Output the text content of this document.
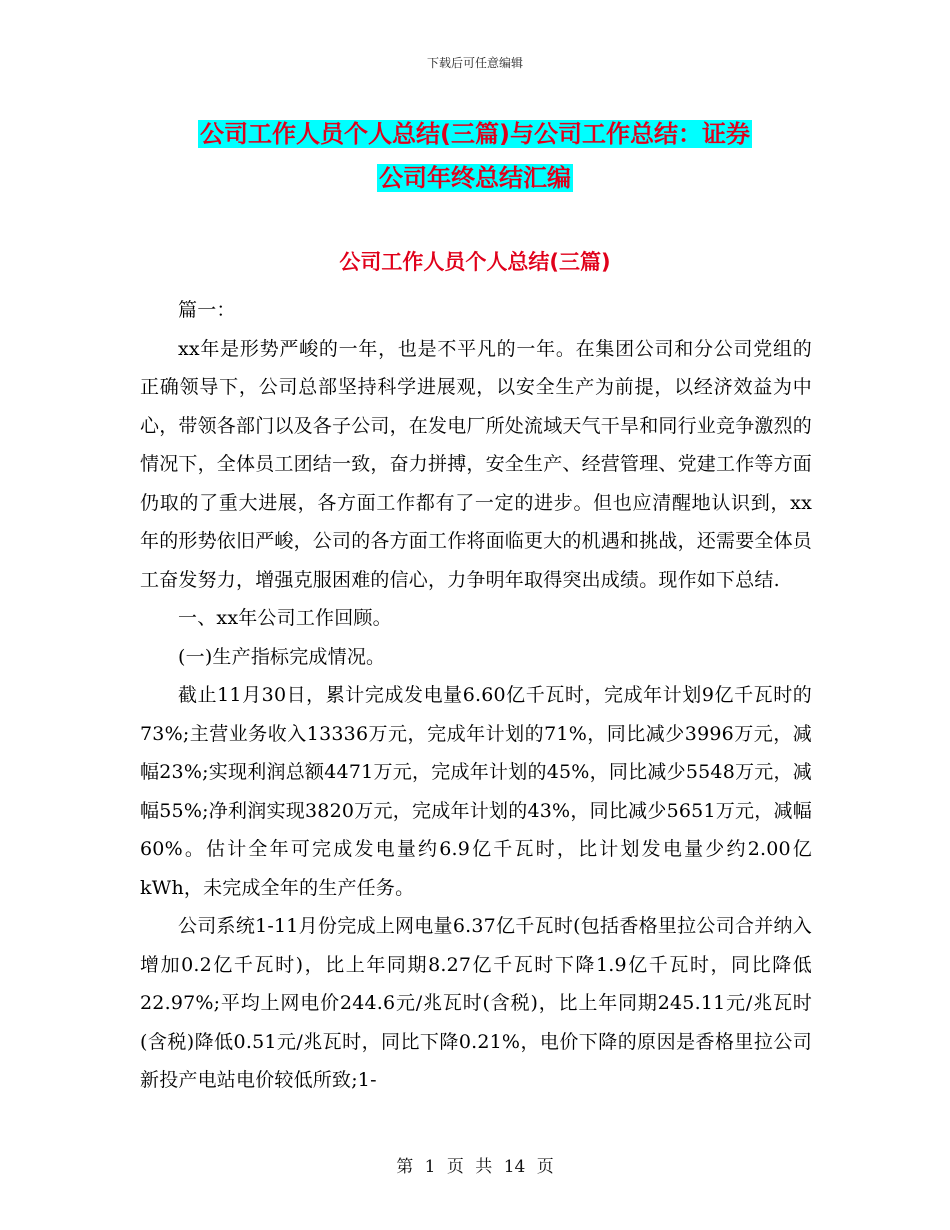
下载后可任意编辑
公司工作人员个人总结(三篇)与公司工作总结：证券
公司年终总结汇编
公司工作人员个人总结(三篇)

篇一：

xx年是形势严峻的一年，也是不平凡的一年。在集团公司和分公司党组的正确领导下，公司总部坚持科学进展观，以安全生产为前提，以经济效益为中心，带领各部门以及各子公司，在发电厂所处流域天气干旱和同行业竞争激烈的情况下，全体员工团结一致，奋力拼搏，安全生产、经营管理、党建工作等方面仍取的了重大进展，各方面工作都有了一定的进步。但也应清醒地认识到，xx年的形势依旧严峻，公司的各方面工作将面临更大的机遇和挑战，还需要全体员工奋发努力，增强克服困难的信心，力争明年取得突出成绩。现作如下总结.

一、xx年公司工作回顾。

(一)生产指标完成情况。

截止11月30日，累计完成发电量6.60亿千瓦时，完成年计划9亿千瓦时的73%;主营业务收入13336万元，完成年计划的71%，同比减少3996万元，减幅23%;实现利润总额4471万元，完成年计划的45%，同比减少5548万元，减幅55%;净利润实现3820万元，完成年计划的43%，同比减少5651万元，减幅60%。估计全年可完成发电量约6.9亿千瓦时，比计划发电量少约2.00亿kWh，未完成全年的生产任务。

公司系统1-11月份完成上网电量6.37亿千瓦时(包括香格里拉公司合并纳入增加0.2亿千瓦时)，比上年同期8.27亿千瓦时下降1.9亿千瓦时，同比降低22.97%;平均上网电价244.6元/兆瓦时(含税)，比上年同期245.11元/兆瓦时(含税)降低0.51元/兆瓦时，同比下降0.21%，电价下降的原因是香格里拉公司新投产电站电价较低所致;1-

第 1 页 共 14 页
